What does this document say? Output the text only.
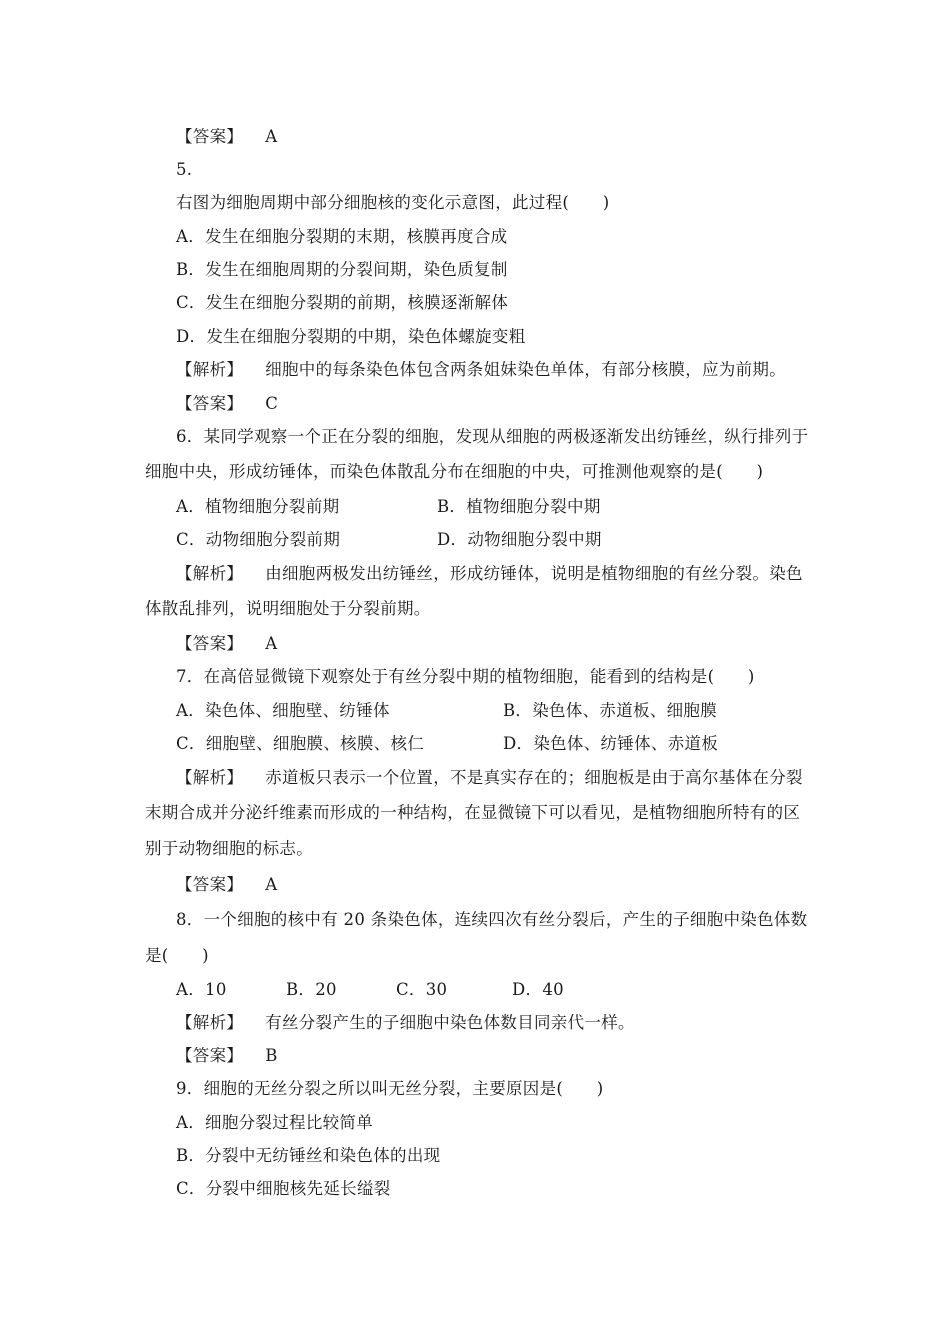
【答案】 A
5.
右图为细胞周期中部分细胞核的变化示意图，此过程(　　)
A．发生在细胞分裂期的末期，核膜再度合成
B．发生在细胞周期的分裂间期，染色质复制
C．发生在细胞分裂期的前期，核膜逐渐解体
D．发生在细胞分裂期的中期，染色体螺旋变粗
【解析】 细胞中的每条染色体包含两条姐妹染色单体，有部分核膜，应为前期。
【答案】 C
6．某同学观察一个正在分裂的细胞，发现从细胞的两极逐渐发出纺锤丝，纵行排列于
细胞中央，形成纺锤体，而染色体散乱分布在细胞的中央，可推测他观察的是(　　)
A．植物细胞分裂前期	B．植物细胞分裂中期
C．动物细胞分裂前期	D．动物细胞分裂中期
【解析】 由细胞两极发出纺锤丝，形成纺锤体，说明是植物细胞的有丝分裂。染色
体散乱排列，说明细胞处于分裂前期。
【答案】 A
7．在高倍显微镜下观察处于有丝分裂中期的植物细胞，能看到的结构是(　　)
A．染色体、细胞壁、纺锤体	B．染色体、赤道板、细胞膜
C．细胞壁、细胞膜、核膜、核仁	D．染色体、纺锤体、赤道板
【解析】 赤道板只表示一个位置，不是真实存在的；细胞板是由于高尔基体在分裂
末期合成并分泌纤维素而形成的一种结构，在显微镜下可以看见，是植物细胞所特有的区
别于动物细胞的标志。
【答案】 A
8．一个细胞的核中有 20 条染色体，连续四次有丝分裂后，产生的子细胞中染色体数
是(　　)
A．10	B．20	C．30	D．40
【解析】 有丝分裂产生的子细胞中染色体数目同亲代一样。
【答案】 B
9．细胞的无丝分裂之所以叫无丝分裂，主要原因是(　　)
A．细胞分裂过程比较简单
B．分裂中无纺锤丝和染色体的出现
C．分裂中细胞核先延长缢裂
